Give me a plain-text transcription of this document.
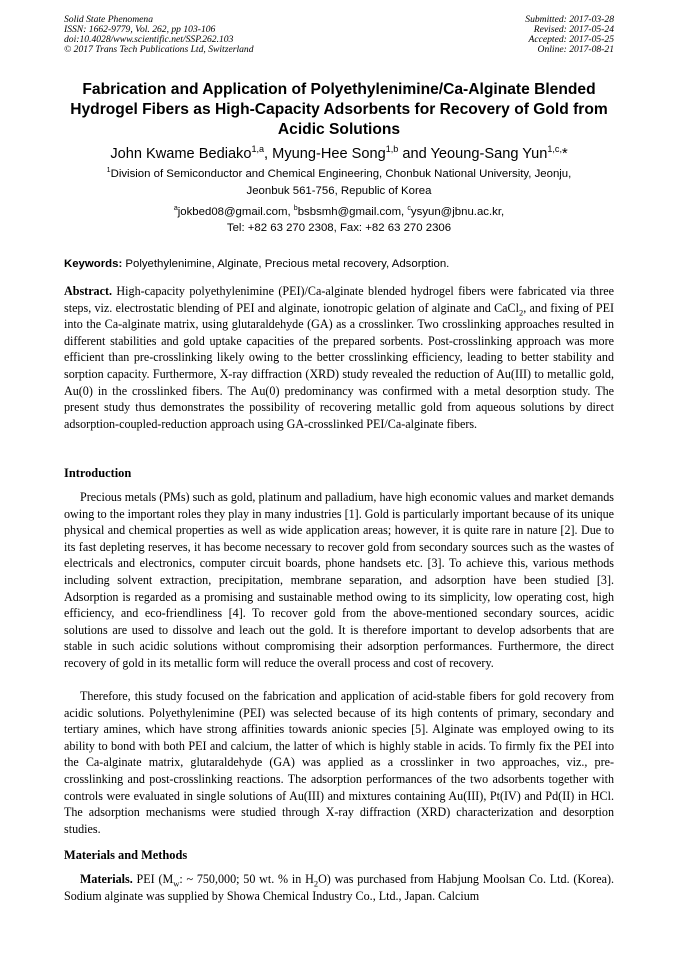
Solid State Phenomena
ISSN: 1662-9779, Vol. 262, pp 103-106
doi:10.4028/www.scientific.net/SSP.262.103
© 2017 Trans Tech Publications Ltd, Switzerland
Submitted: 2017-03-28
Revised: 2017-05-24
Accepted: 2017-05-25
Online: 2017-08-21
Fabrication and Application of Polyethylenimine/Ca-Alginate Blended Hydrogel Fibers as High-Capacity Adsorbents for Recovery of Gold from Acidic Solutions
John Kwame Bediako$^{1,a}$, Myung-Hee Song$^{1,b}$ and Yeoung-Sang Yun$^{1,c,}$*
$^1$Division of Semiconductor and Chemical Engineering, Chonbuk National University, Jeonju,
Jeonbuk 561-756, Republic of Korea
$^a$jokbed08@gmail.com, $^b$bsbsmh@gmail.com, $^c$ysyun@jbnu.ac.kr,
Tel: +82 63 270 2308, Fax: +82 63 270 2306
Keywords: Polyethylenimine, Alginate, Precious metal recovery, Adsorption.

Abstract. High-capacity polyethylenimine (PEI)/Ca-alginate blended hydrogel fibers were fabricated via three steps, viz. electrostatic blending of PEI and alginate, ionotropic gelation of alginate and CaCl$_2$, and fixing of PEI into the Ca-alginate matrix, using glutaraldehyde (GA) as a crosslinker. Two crosslinking approaches resulted in different stabilities and gold uptake capacities of the prepared sorbents. Post-crosslinking approach was more efficient than pre-crosslinking likely owing to the better crosslinking efficiency, leading to better stability and sorption capacity. Furthermore, X-ray diffraction (XRD) study revealed the reduction of Au(III) to metallic gold, Au(0) in the crosslinked fibers. The Au(0) predominancy was confirmed with a metal desorption study. The present study thus demonstrates the possibility of recovering metallic gold from aqueous solutions by direct adsorption-coupled-reduction approach using GA-crosslinked PEI/Ca-alginate fibers.

Introduction

Precious metals (PMs) such as gold, platinum and palladium, have high economic values and market demands owing to the important roles they play in many industries [1]. Gold is particularly important because of its unique physical and chemical properties as well as wide application areas; however, it is quite rare in nature [2]. Due to its fast depleting reserves, it has become necessary to recover gold from secondary sources such as the wastes of electricals and electronics, computer circuit boards, phone handsets etc. [3]. To achieve this, various methods including solvent extraction, precipitation, membrane separation, and adsorption have been studied [3]. Adsorption is regarded as a promising and sustainable method owing to its simplicity, low operating cost, high efficiency, and eco-friendliness [4]. To recover gold from the above-mentioned secondary sources, acidic solutions are used to dissolve and leach out the gold. It is therefore important to develop adsorbents that are stable in such acidic solutions without compromising their adsorption performances. Furthermore, the direct recovery of gold in its metallic form will reduce the overall process and cost of recovery.

Therefore, this study focused on the fabrication and application of acid-stable fibers for gold recovery from acidic solutions. Polyethylenimine (PEI) was selected because of its high contents of primary, secondary and tertiary amines, which have strong affinities towards anionic species [5]. Alginate was employed owing to its ability to bond with both PEI and calcium, the latter of which is highly stable in acids. To firmly fix the PEI into the Ca-alginate matrix, glutaraldehyde (GA) was applied as a crosslinker in two approaches, viz., pre-crosslinking and post-crosslinking reactions. The adsorption performances of the two adsorbents together with controls were evaluated in single solutions of Au(III) and mixtures containing Au(III), Pt(IV) and Pd(II) in HCl. The adsorption mechanisms were studied through X-ray diffraction (XRD) characterization and desorption studies.

Materials and Methods

Materials. PEI ($M_w$: ~ 750,000; 50 wt. % in $H_2O$) was purchased from Habjung Moolsan Co. Ltd. (Korea). Sodium alginate was supplied by Showa Chemical Industry Co., Ltd., Japan. Calcium
